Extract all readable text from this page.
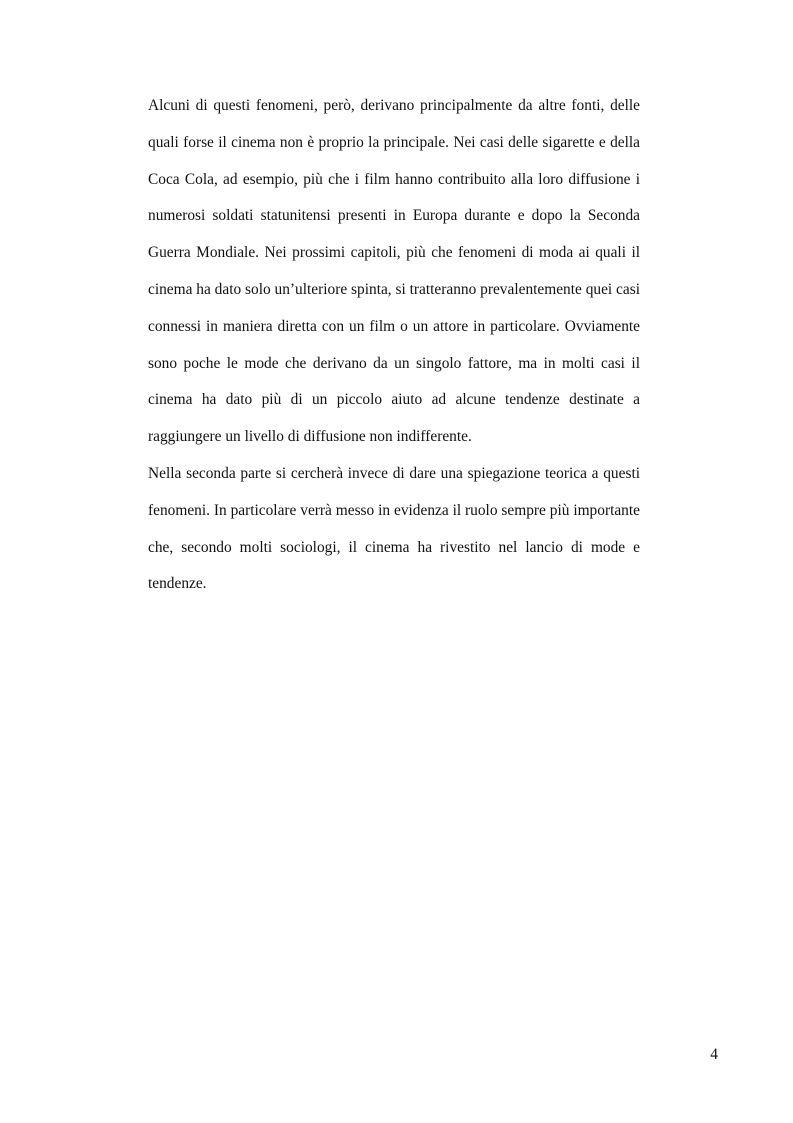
Alcuni di questi fenomeni, però, derivano principalmente da altre fonti, delle quali forse il cinema non è proprio la principale. Nei casi delle sigarette e della Coca Cola, ad esempio, più che i film hanno contribuito alla loro diffusione i numerosi soldati statunitensi presenti in Europa durante e dopo la Seconda Guerra Mondiale. Nei prossimi capitoli, più che fenomeni di moda ai quali il cinema ha dato solo un’ulteriore spinta, si tratteranno prevalentemente quei casi connessi in maniera diretta con un film o un attore in particolare. Ovviamente sono poche le mode che derivano da un singolo fattore, ma in molti casi il cinema ha dato più di un piccolo aiuto ad alcune tendenze destinate a raggiungere un livello di diffusione non indifferente.

Nella seconda parte si cercherà invece di dare una spiegazione teorica a questi fenomeni. In particolare verrà messo in evidenza il ruolo sempre più importante che, secondo molti sociologi, il cinema ha rivestito nel lancio di mode e tendenze.

4
